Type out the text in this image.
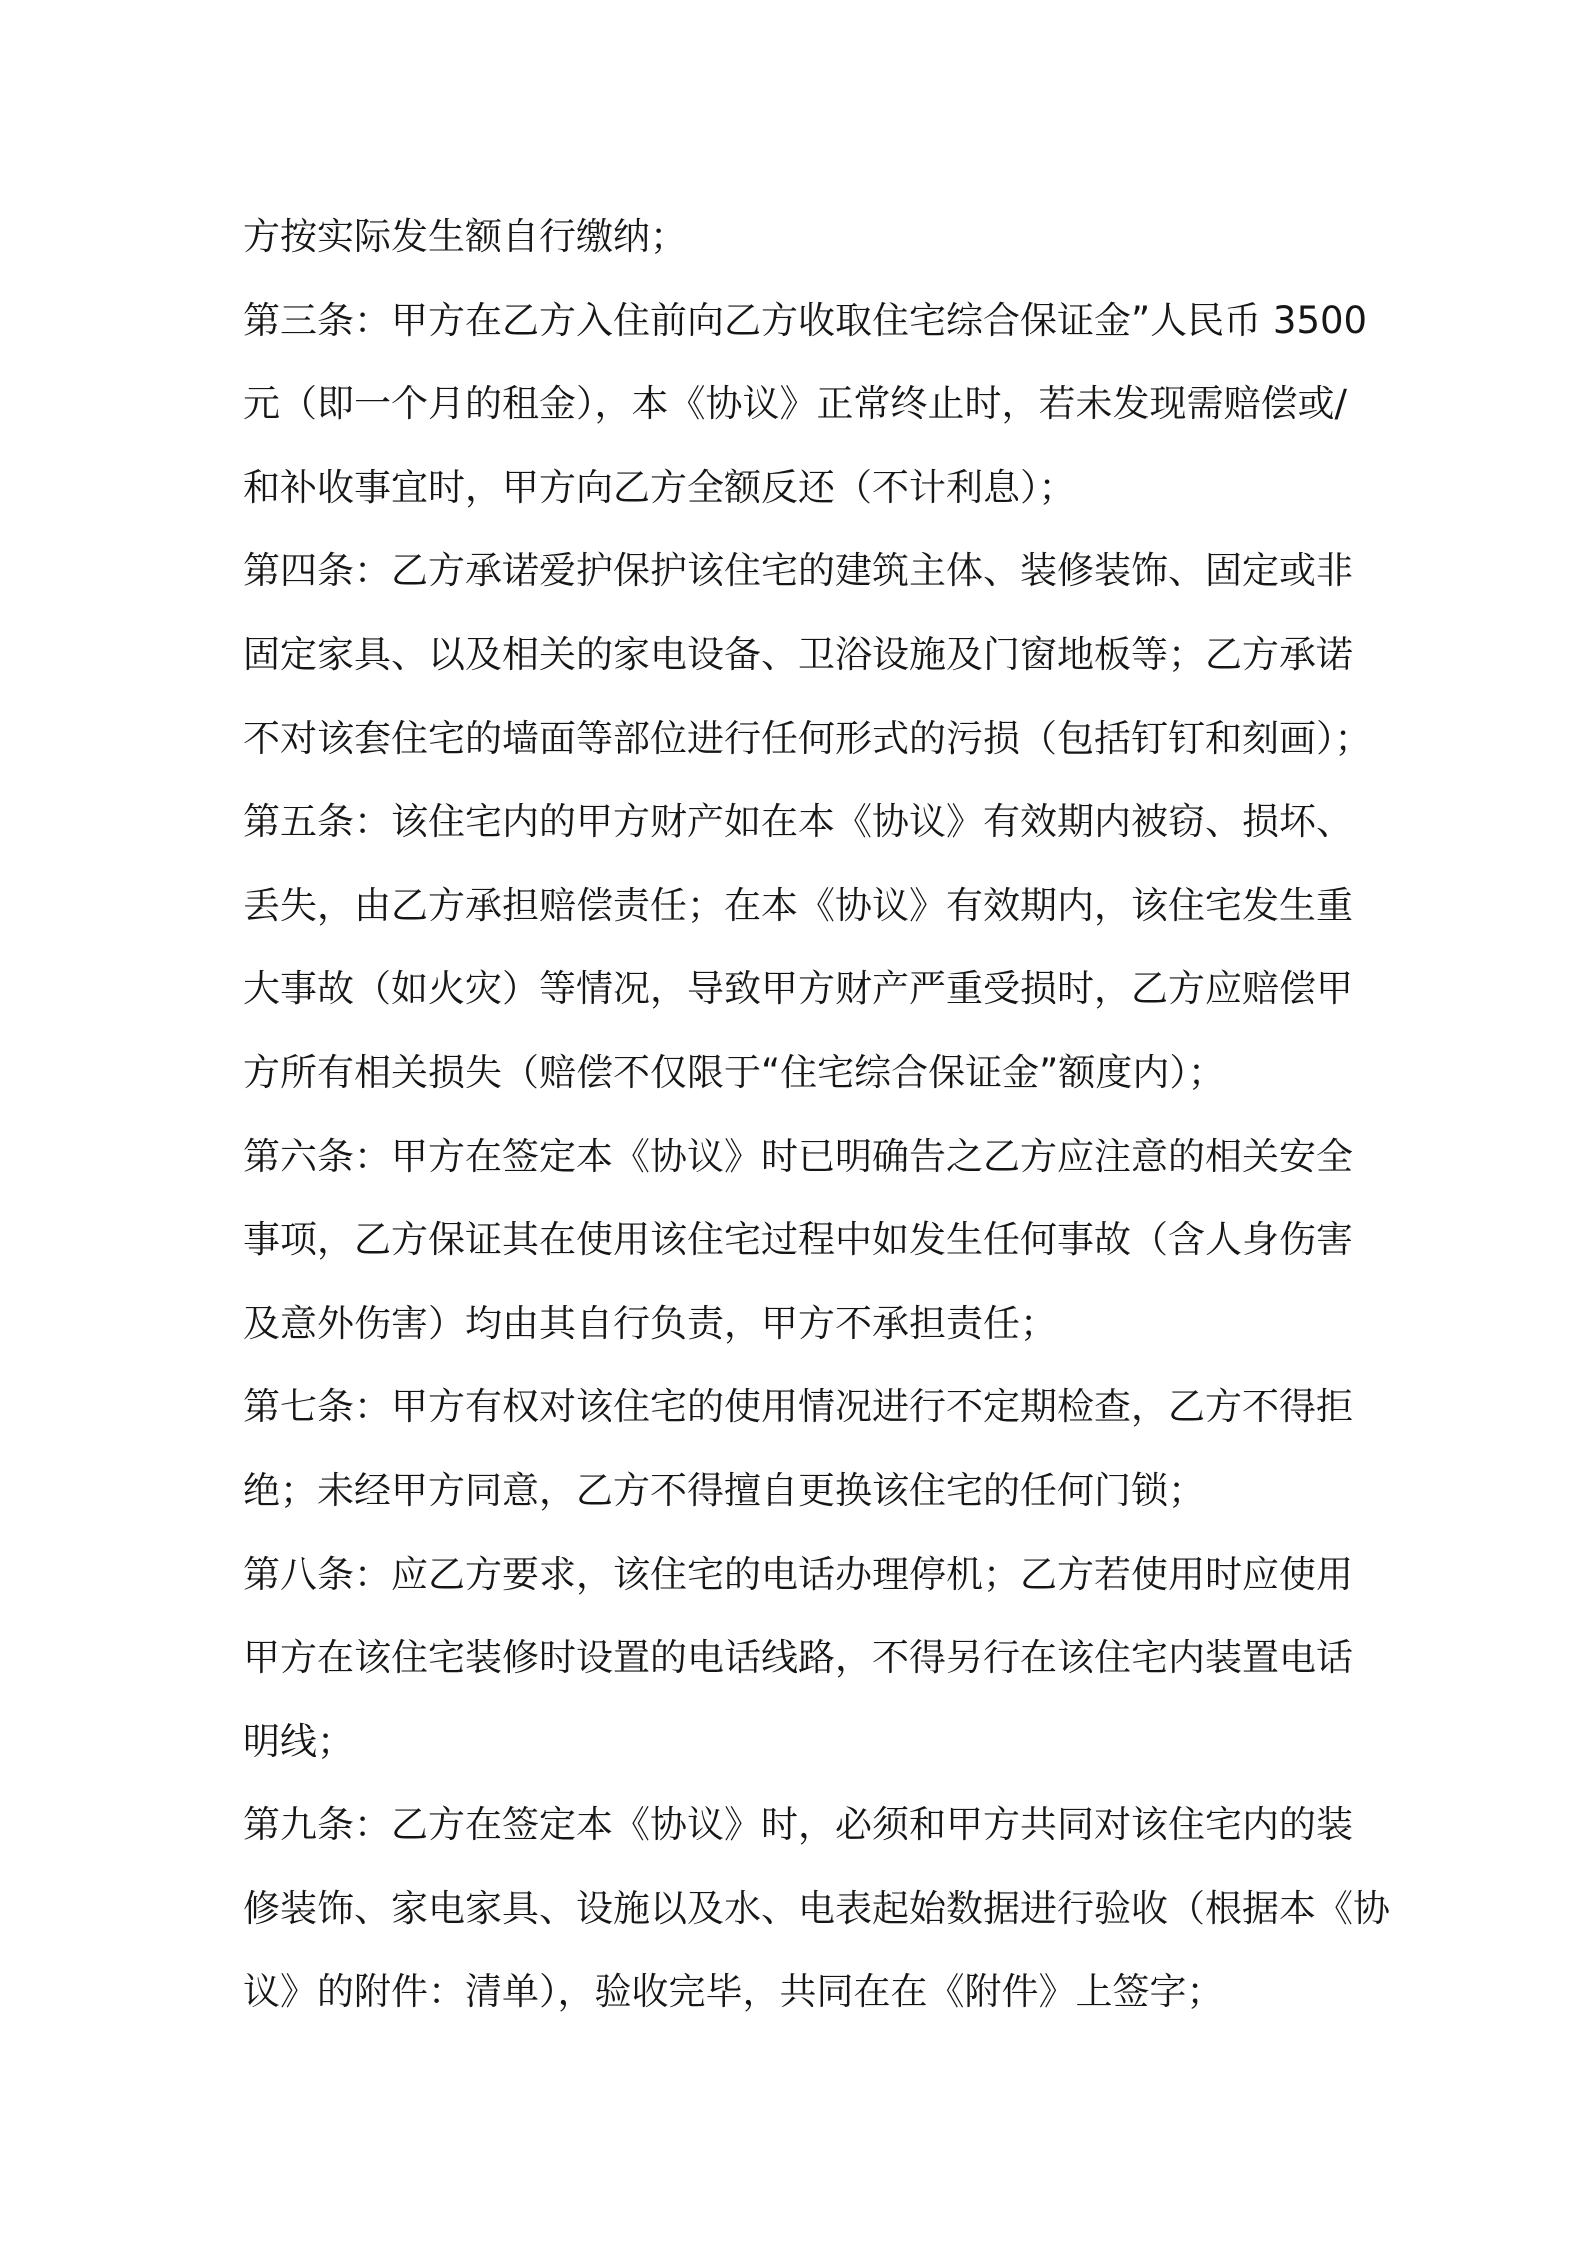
方按实际发生额自行缴纳；
第三条：甲方在乙方入住前向乙方收取住宅综合保证金”人民币 3500
元（即一个月的租金），本《协议》正常终止时，若未发现需赔偿或/
和补收事宜时，甲方向乙方全额反还（不计利息）；
第四条：乙方承诺爱护保护该住宅的建筑主体、装修装饰、固定或非
固定家具、以及相关的家电设备、卫浴设施及门窗地板等；乙方承诺
不对该套住宅的墙面等部位进行任何形式的污损（包括钉钉和刻画）；
第五条：该住宅内的甲方财产如在本《协议》有效期内被窃、损坏、
丢失，由乙方承担赔偿责任；在本《协议》有效期内，该住宅发生重
大事故（如火灾）等情况，导致甲方财产严重受损时，乙方应赔偿甲
方所有相关损失（赔偿不仅限于“住宅综合保证金”额度内）；
第六条：甲方在签定本《协议》时已明确告之乙方应注意的相关安全
事项，乙方保证其在使用该住宅过程中如发生任何事故（含人身伤害
及意外伤害）均由其自行负责，甲方不承担责任；
第七条：甲方有权对该住宅的使用情况进行不定期检查，乙方不得拒
绝；未经甲方同意，乙方不得擅自更换该住宅的任何门锁；
第八条：应乙方要求，该住宅的电话办理停机；乙方若使用时应使用
甲方在该住宅装修时设置的电话线路，不得另行在该住宅内装置电话
明线；
第九条：乙方在签定本《协议》时，必须和甲方共同对该住宅内的装
修装饰、家电家具、设施以及水、电表起始数据进行验收（根据本《协
议》的附件：清单），验收完毕，共同在在《附件》上签字；
